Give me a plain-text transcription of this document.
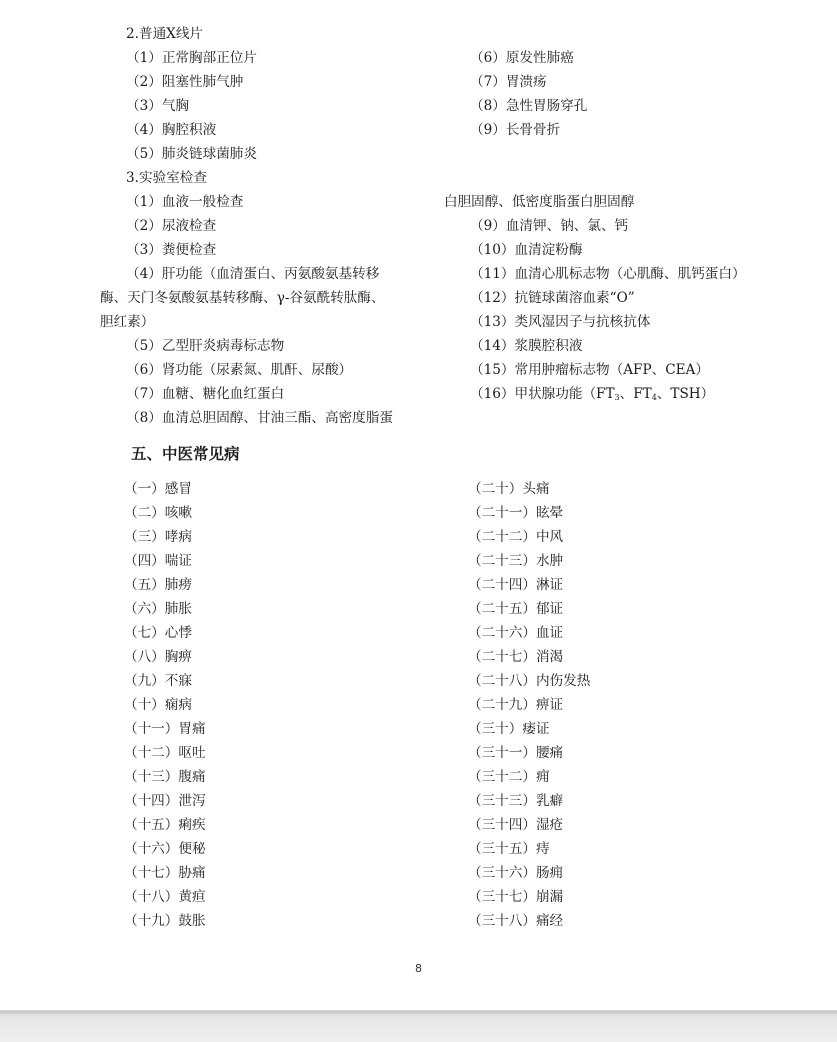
2.普通X线片
（1）正常胸部正位片
（2）阻塞性肺气肿
（3）气胸
（4）胸腔积液
（5）肺炎链球菌肺炎
3.实验室检查
（1）血液一般检查
（2）尿液检查
（3）粪便检查
（4）肝功能（血清蛋白、丙氨酸氨基转移
酶、天门冬氨酸氨基转移酶、γ-谷氨酰转肽酶、
胆红素）
（5）乙型肝炎病毒标志物
（6）肾功能（尿素氮、肌酐、尿酸）
（7）血糖、糖化血红蛋白
（8）血清总胆固醇、甘油三酯、高密度脂蛋
（6）原发性肺癌
（7）胃溃疡
（8）急性胃肠穿孔
（9）长骨骨折
白胆固醇、低密度脂蛋白胆固醇
（9）血清钾、钠、氯、钙
（10）血清淀粉酶
（11）血清心肌标志物（心肌酶、肌钙蛋白）
（12）抗链球菌溶血素“O”
（13）类风湿因子与抗核抗体
（14）浆膜腔积液
（15）常用肿瘤标志物（AFP、CEA）
（16）甲状腺功能（$FT_3$、$FT_4$、TSH）
五、中医常见病
（一）感冒
（二）咳嗽
（三）哮病
（四）喘证
（五）肺痨
（六）肺胀
（七）心悸
（八）胸痹
（九）不寐
（十）痫病
（十一）胃痛
（十二）呕吐
（十三）腹痛
（十四）泄泻
（十五）痢疾
（十六）便秘
（十七）胁痛
（十八）黄疸
（十九）鼓胀
（二十）头痛
（二十一）眩晕
（二十二）中风
（二十三）水肿
（二十四）淋证
（二十五）郁证
（二十六）血证
（二十七）消渴
（二十八）内伤发热
（二十九）痹证
（三十）痿证
（三十一）腰痛
（三十二）痈
（三十三）乳癖
（三十四）湿疮
（三十五）痔
（三十六）肠痈
（三十七）崩漏
（三十八）痛经
8
